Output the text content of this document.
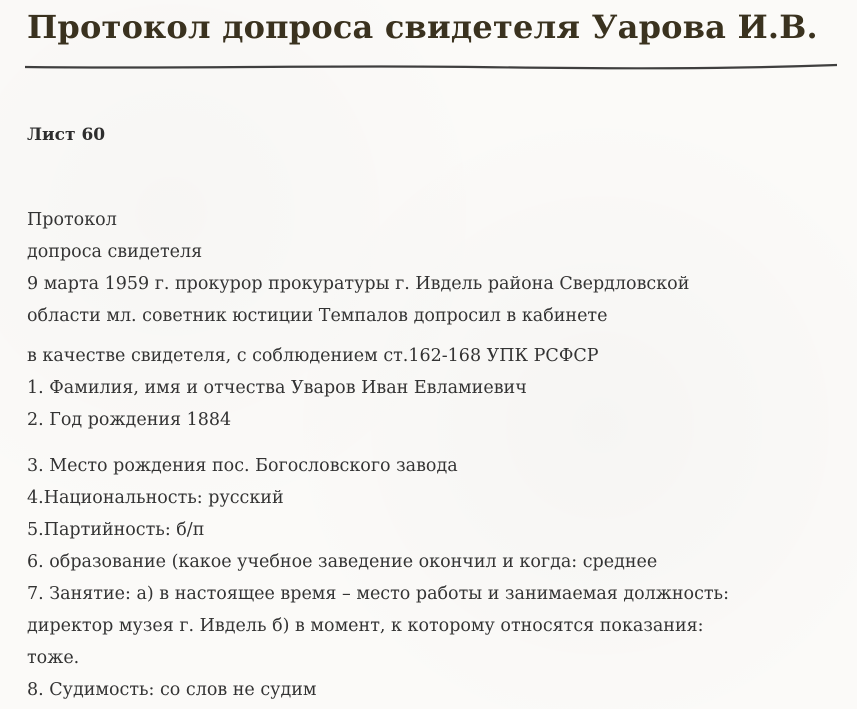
Протокол допроса свидетеля Уарова И.В.

Лист 60

Протокол
допроса свидетеля
9 марта 1959 г. прокурор прокуратуры г. Ивдель района Свердловской
области мл. советник юстиции Темпалов допросил в кабинете
в качестве свидетеля, с соблюдением ст.162-168 УПК РСФСР
1. Фамилия, имя и отчества Уваров Иван Евламиевич
2. Год рождения 1884
3. Место рождения пос. Богословского завода
4.Национальность: русский
5.Партийность: б/п
6. образование (какое учебное заведение окончил и когда: среднее
7. Занятие: а) в настоящее время – место работы и занимаемая должность:
директор музея г. Ивдель б) в момент, к которому относятся показания:
тоже.
8. Судимость: со слов не судим
